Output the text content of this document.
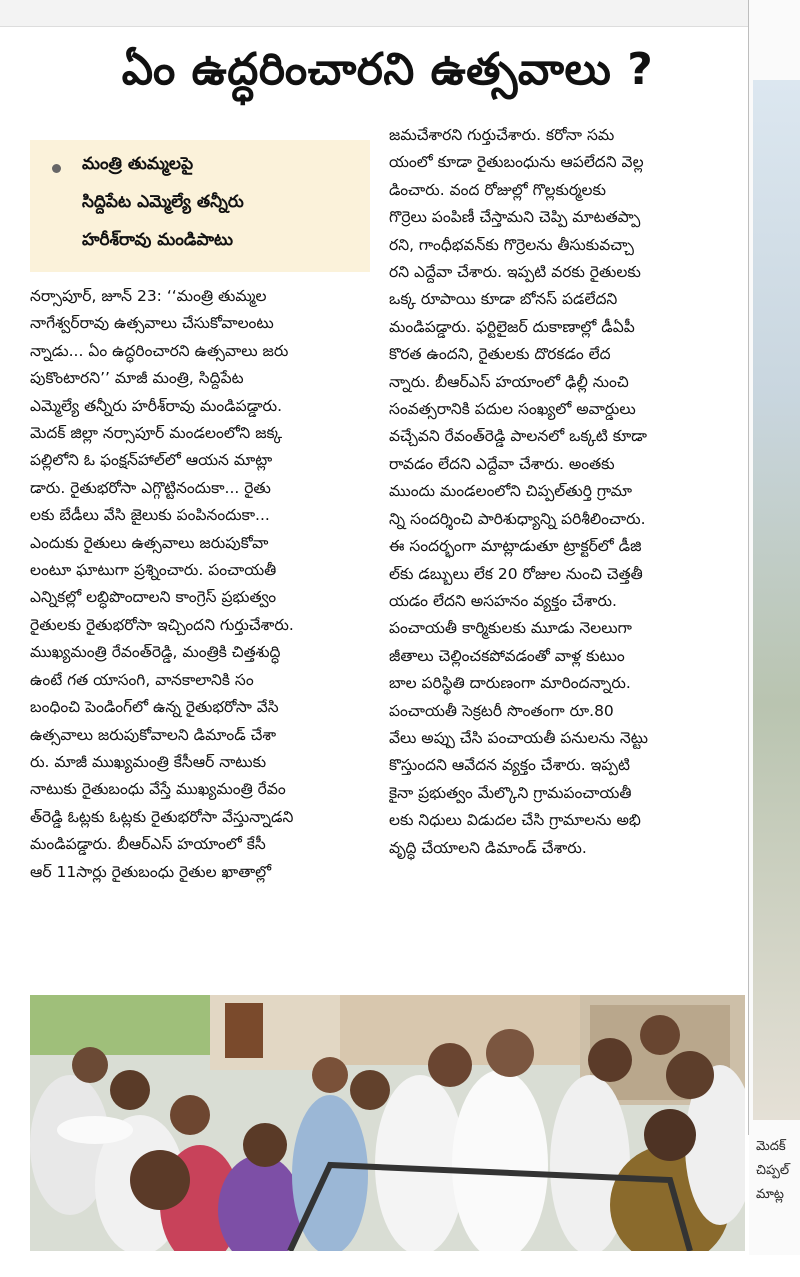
ఏం ఉద్ధరించారని ఉత్సవాలు ?
మెదక్‌
చిప్పల్‌
మాట్ల
మంత్రి తుమ్మలపై
సిద్దిపేట ఎమ్మెల్యే తన్నీరు
హరీశ్‌రావు మండిపాటు

నర్సాపూర్‌, జూన్‌ 23: ‘‘మంత్రి తుమ్మల

నాగేశ్వర్‌రావు ఉత్సవాలు చేసుకోవాలంటు

న్నాడు... ఏం ఉద్ధరించారని ఉత్సవాలు జరు

పుకొంటారని’’ మాజీ మంత్రి, సిద్దిపేట

ఎమ్మెల్యే తన్నీరు హరీశ్‌రావు మండిపడ్డారు.

మెదక్‌ జిల్లా నర్సాపూర్‌ మండలంలోని జక్క

పల్లిలోని ఓ ఫంక్షన్‌హాల్‌లో ఆయన మాట్లా

డారు. రైతుభరోసా ఎగ్గొట్టినందుకా... రైతు

లకు బేడీలు వేసి జైలుకు పంపినందుకా...

ఎందుకు రైతులు ఉత్సవాలు జరుపుకోవా

లంటూ ఘాటుగా ప్రశ్నించారు. పంచాయతీ

ఎన్నికల్లో లబ్ధిపొందాలని కాంగ్రెస్‌ ప్రభుత్వం

రైతులకు రైతుభరోసా ఇచ్చిందని గుర్తుచేశారు.

ముఖ్యమంత్రి రేవంత్‌రెడ్డి, మంత్రికి చిత్తశుద్ధి

ఉంటే గత యాసంగి, వానకాలానికి సం

బంధించి పెండింగ్‌లో ఉన్న రైతుభరోసా వేసి

ఉత్సవాలు జరుపుకోవాలని డిమాండ్‌ చేశా

రు. మాజీ ముఖ్యమంత్రి కేసీఆర్‌ నాటుకు

నాటుకు రైతుబంధు వేస్తే ముఖ్యమంత్రి రేవం

త్‌రెడ్డి ఓట్లకు ఓట్లకు రైతుభరోసా వేస్తున్నాడని

మండిపడ్డారు. బీఆర్‌ఎస్‌ హయాంలో కేసీ

ఆర్‌ 11సార్లు రైతుబంధు రైతుల ఖాతాల్లో

జమచేశారని గుర్తుచేశారు. కరోనా సమ

యంలో కూడా రైతుబంధును ఆపలేదని వెల్ల

డించారు. వంద రోజుల్లో గొల్లకుర్మలకు

గొర్రెలు పంపిణీ చేస్తామని చెప్పి మాటతప్పా

రని, గాంధీభవన్‌కు గొర్రెలను తీసుకువచ్చా

రని ఎద్దేవా చేశారు. ఇప్పటి వరకు రైతులకు

ఒక్క రూపాయి కూడా బోనస్‌ పడలేదని

మండిపడ్డారు. ఫర్టిలైజర్‌ దుకాణాల్లో డీఏపీ

కొరత ఉందని, రైతులకు దొరకడం లేద

న్నారు. బీఆర్‌ఎస్‌ హయాంలో ఢిల్లీ నుంచి

సంవత్సరానికి పదుల సంఖ్యలో అవార్డులు

వచ్చేవని రేవంత్‌రెడ్డి పాలనలో ఒక్కటి కూడా

రావడం లేదని ఎద్దేవా చేశారు. అంతకు

ముందు మండలంలోని చిప్పల్‌తుర్తి గ్రామా

న్ని సందర్శించి పారిశుధ్యాన్ని పరిశీలించారు.

ఈ సందర్భంగా మాట్లాడుతూ ట్రాక్టర్‌లో డీజి

ల్‌కు డబ్బులు లేక 20 రోజుల నుంచి చెత్తతీ

యడం లేదని అసహనం వ్యక్తం చేశారు.

పంచాయతీ కార్మికులకు మూడు నెలలుగా

జీతాలు చెల్లించకపోవడంతో వాళ్ల కుటుం

బాల పరిస్థితి దారుణంగా మారిందన్నారు.

పంచాయతీ సెక్రటరీ సొంతంగా రూ.80

వేలు అప్పు చేసి పంచాయతీ పనులను నెట్టు

కొస్తుందని ఆవేదన వ్యక్తం చేశారు. ఇప్పటి

కైనా ప్రభుత్వం మేల్కొని గ్రామపంచాయతీ

లకు నిధులు విడుదల చేసి గ్రామాలను అభి

వృద్ధి చేయాలని డిమాండ్‌ చేశారు.
